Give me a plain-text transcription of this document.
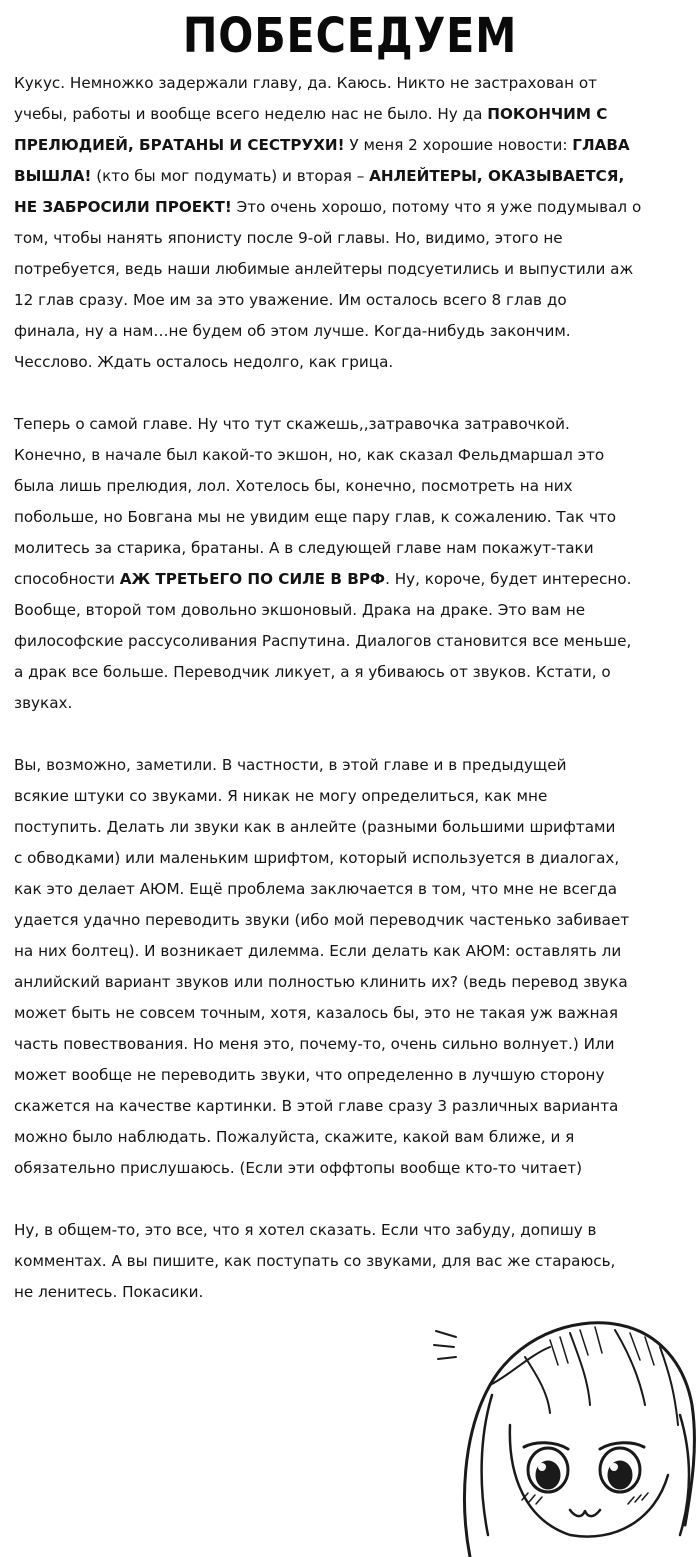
ПОБЕСЕДУЕМ
Кукус. Немножко задержали главу, да. Каюсь. Никто не застрахован от
учебы, работы и вообще всего неделю нас не было. Ну да ПОКОНЧИМ С
ПРЕЛЮДИЕЙ, БРАТАНЫ И СЕСТРУХИ! У меня 2 хорошие новости: ГЛАВА
ВЫШЛА! (кто бы мог подумать) и вторая – АНЛЕЙТЕРЫ, ОКАЗЫВАЕТСЯ,
НЕ ЗАБРОСИЛИ ПРОЕКТ! Это очень хорошо, потому что я уже подумывал о
том, чтобы нанять японисту после 9-ой главы. Но, видимо, этого не
потребуется, ведь наши любимые анлейтеры подсуетились и выпустили аж
12 глав сразу. Мое им за это уважение. Им осталось всего 8 глав до
финала, ну а нам…не будем об этом лучше. Когда-нибудь закончим.
Чесслово. Ждать осталось недолго, как грица.
Теперь о самой главе. Ну что тут скажешь,,затравочка затравочкой.
Конечно, в начале был какой-то экшон, но, как сказал Фельдмаршал это
была лишь прелюдия, лол. Хотелось бы, конечно, посмотреть на них
побольше, но Бовгана мы не увидим еще пару глав, к сожалению. Так что
молитесь за старика, братаны. А в следующей главе нам покажут-таки
способности АЖ ТРЕТЬЕГО ПО СИЛЕ В ВРФ. Ну, короче, будет интересно.
Вообще, второй том довольно экшоновый. Драка на драке. Это вам не
философские рассусоливания Распутина. Диалогов становится все меньше,
а драк все больше. Переводчик ликует, а я убиваюсь от звуков. Кстати, о
звуках.
Вы, возможно, заметили. В частности, в этой главе и в предыдущей
всякие штуки со звуками. Я никак не могу определиться, как мне
поступить. Делать ли звуки как в анлейте (разными большими шрифтами
с обводками) или маленьким шрифтом, который используется в диалогах,
как это делает АЮМ. Ещё проблема заключается в том, что мне не всегда
удается удачно переводить звуки (ибо мой переводчик частенько забивает
на них болтец). И возникает дилемма. Если делать как АЮМ: оставлять ли
анлийский вариант звуков или полностью клинить их? (ведь перевод звука
может быть не совсем точным, хотя, казалось бы, это не такая уж важная
часть повествования. Но меня это, почему-то, очень сильно волнует.) Или
может вообще не переводить звуки, что определенно в лучшую сторону
скажется на качестве картинки. В этой главе сразу 3 различных варианта
можно было наблюдать. Пожалуйста, скажите, какой вам ближе, и я
обязательно прислушаюсь. (Если эти оффтопы вообще кто-то читает)
Ну, в общем-то, это все, что я хотел сказать. Если что забуду, допишу в
комментах. А вы пишите, как поступать со звуками, для вас же стараюсь,
не ленитесь. Покасики.
